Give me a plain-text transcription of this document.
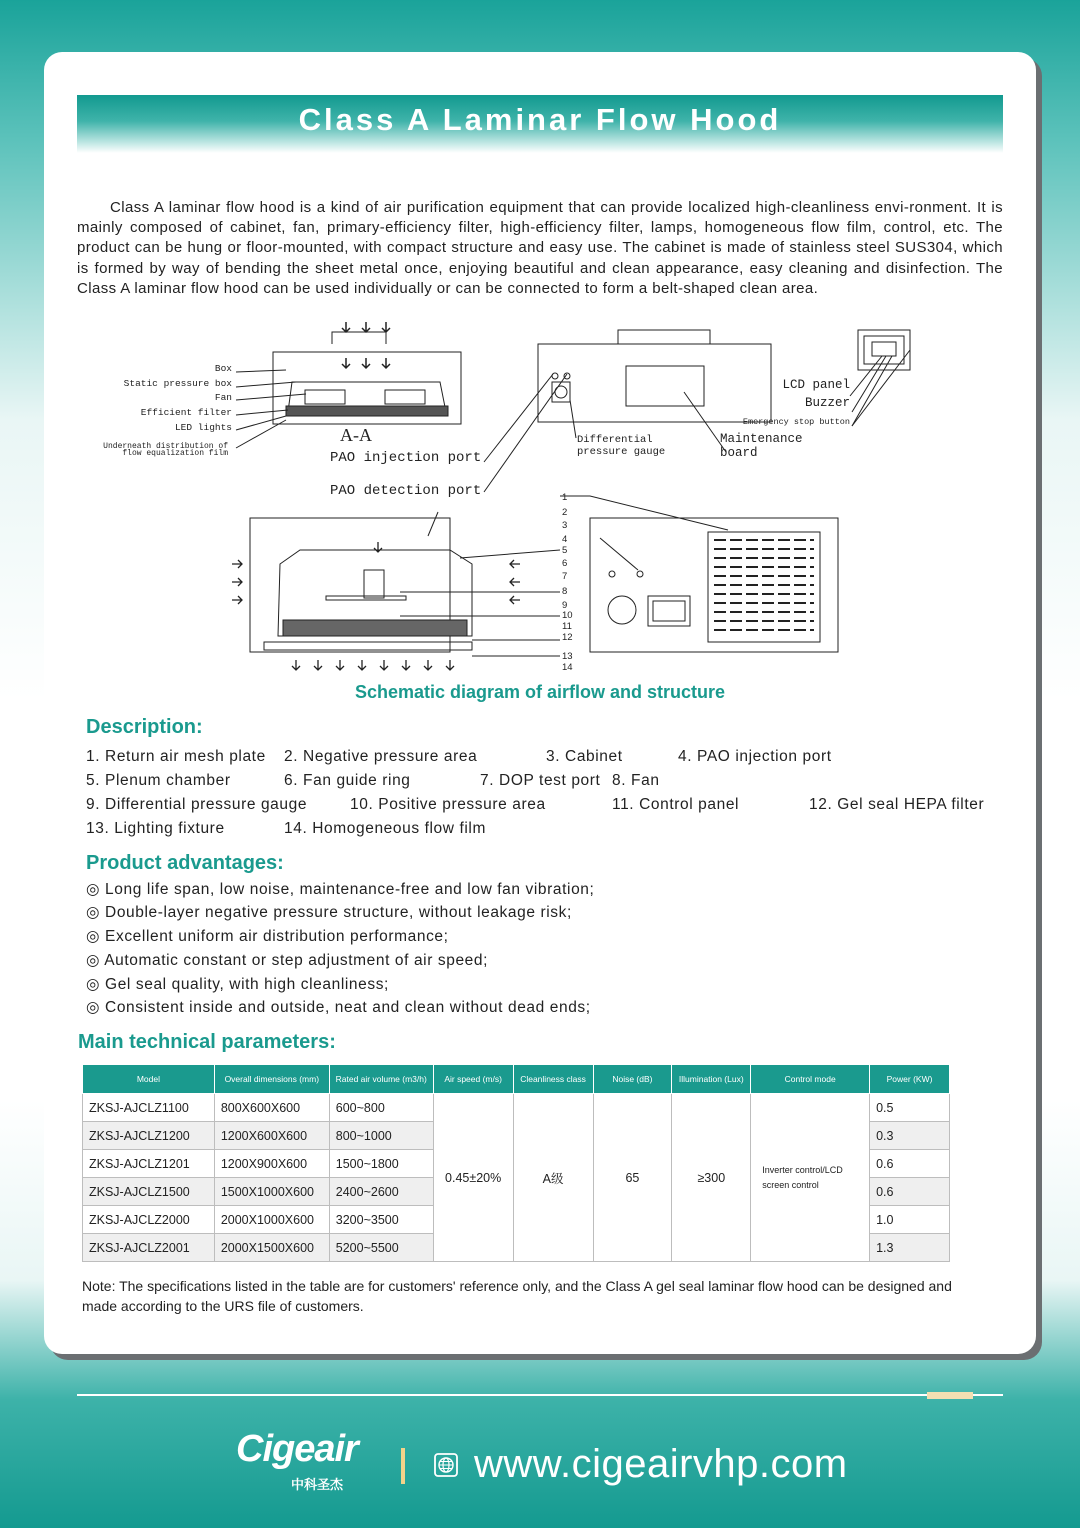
Class A Laminar Flow Hood
Class A laminar flow hood is a kind of air purification equipment that can provide localized high-cleanliness envi-ronment. It is mainly composed of cabinet, fan, primary-efficiency filter, high-efficiency filter, lamps, homogeneous flow film, control, etc. The product can be hung or floor-mounted, with compact structure and easy use. The cabinet is made of stainless steel SUS304, which is formed by way of bending the sheet metal once, enjoying beautiful and clean appearance, easy cleaning and disinfection. The Class A laminar flow hood can be used individually or can be connected to form a belt-shaped clean area.
Box
Static pressure box
Fan
Efficient filter
LED lights
Underneath distribution of
flow equalization film
A-A
PAO injection port
PAO detection port
Differential
pressure gauge
Maintenance
board
LCD panel
Buzzer
Emergency stop button
1
2
3
4
5
6
7
8
9
10
11
12
13
14
Schematic diagram of airflow and structure
Description:
1. Return air mesh plate 2. Negative pressure area	3. Cabinet	4. PAO injection port
5. Plenum chamber	6. Fan guide ring	7. DOP test port 8. Fan
9. Differential pressure gauge	10. Positive pressure area	11. Control panel	12. Gel seal HEPA filter
13. Lighting fixture	14. Homogeneous flow film
Product advantages:
◎ Long life span, low noise, maintenance-free and low fan vibration;
◎ Double-layer negative pressure structure, without leakage risk;
◎ Excellent uniform air distribution performance;
◎ Automatic constant or step adjustment of air speed;
◎ Gel seal quality, with high cleanliness;
◎ Consistent inside and outside, neat and clean without dead ends;
Main technical parameters:
Model	Overall dimensions (mm)	Rated air volume (m3/h)	Air speed (m/s)	Cleanliness class	Noise (dB)	Illumination (Lux)	Control mode	Power (KW)
ZKSJ-AJCLZ1100	800X600X600	600~800	0.45±20%	A级	65	≥300	Inverter control/LCD screen control	0.5
ZKSJ-AJCLZ1200	1200X600X600	800~1000						0.3
ZKSJ-AJCLZ1201	1200X900X600	1500~1800						0.6
ZKSJ-AJCLZ1500	1500X1000X600	2400~2600						0.6
ZKSJ-AJCLZ2000	2000X1000X600	3200~3500						1.0
ZKSJ-AJCLZ2001	2000X1500X600	5200~5500						1.3
Note: The specifications listed in the table are for customers' reference only, and the Class A gel seal laminar flow hood can be designed and made according to the URS file of customers.
Cigeair
中科圣杰	www.cigeairvhp.com
